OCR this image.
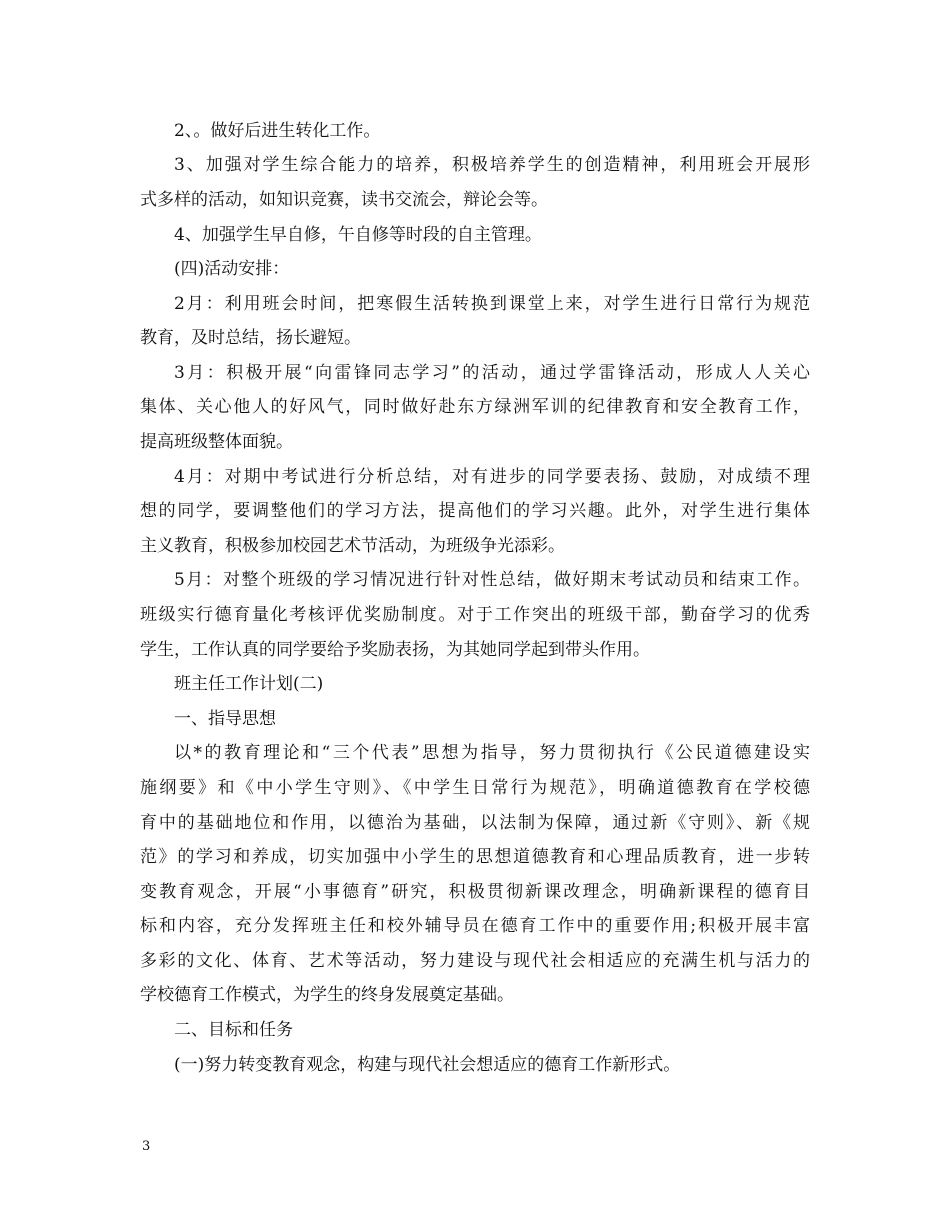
2、。做好后进生转化工作。
3、加强对学生综合能力的培养，积极培养学生的创造精神，利用班会开展形
式多样的活动，如知识竞赛，读书交流会，辩论会等。
4、加强学生早自修，午自修等时段的自主管理。
(四)活动安排：
2月：利用班会时间，把寒假生活转换到课堂上来，对学生进行日常行为规范
教育，及时总结，扬长避短。
3月：积极开展“向雷锋同志学习”的活动，通过学雷锋活动，形成人人关心
集体、关心他人的好风气，同时做好赴东方绿洲军训的纪律教育和安全教育工作，
提高班级整体面貌。
4月：对期中考试进行分析总结，对有进步的同学要表扬、鼓励，对成绩不理
想的同学，要调整他们的学习方法，提高他们的学习兴趣。此外，对学生进行集体
主义教育，积极参加校园艺术节活动，为班级争光添彩。
5月：对整个班级的学习情况进行针对性总结，做好期末考试动员和结束工作。
班级实行德育量化考核评优奖励制度。对于工作突出的班级干部，勤奋学习的优秀
学生，工作认真的同学要给予奖励表扬，为其她同学起到带头作用。
班主任工作计划(二)
一、指导思想
以*的教育理论和“三个代表”思想为指导，努力贯彻执行《公民道德建设实
施纲要》和《中小学生守则》、《中学生日常行为规范》，明确道德教育在学校德
育中的基础地位和作用，以德治为基础，以法制为保障，通过新《守则》、新《规
范》的学习和养成，切实加强中小学生的思想道德教育和心理品质教育，进一步转
变教育观念，开展“小事德育”研究，积极贯彻新课改理念，明确新课程的德育目
标和内容，充分发挥班主任和校外辅导员在德育工作中的重要作用;积极开展丰富
多彩的文化、体育、艺术等活动，努力建设与现代社会相适应的充满生机与活力的
学校德育工作模式，为学生的终身发展奠定基础。
二、目标和任务
(一)努力转变教育观念，构建与现代社会想适应的德育工作新形式。
3
